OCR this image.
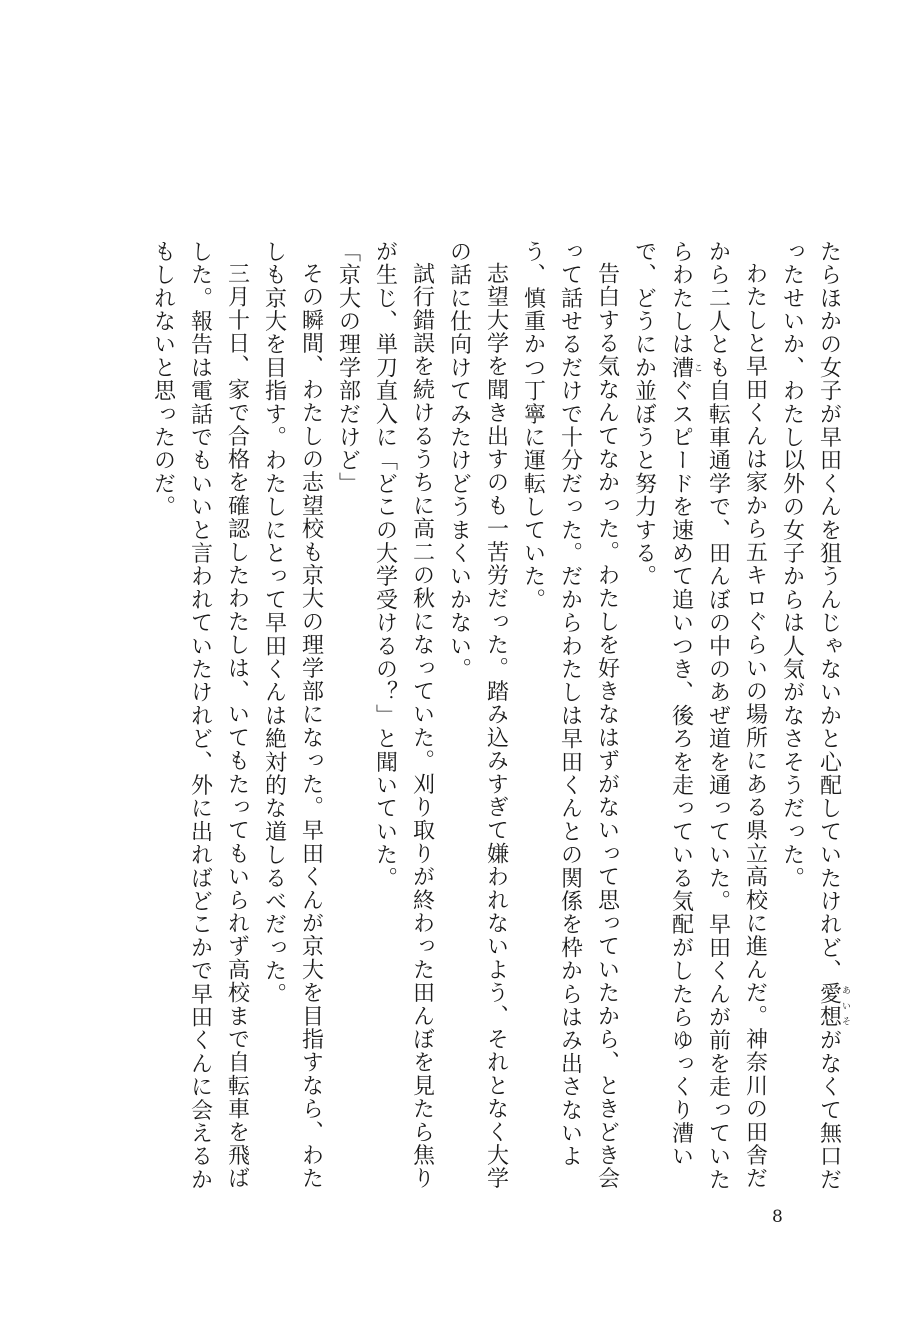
たらほかの女子が早田くんを狙うんじゃないかと心配していたけれど、愛想あいそがなくて無口だったせいか、わたし以外の女子からは人気がなさそうだった。

わたしと早田くんは家から五キロぐらいの場所にある県立高校に進んだ。神奈川の田舎だから二人とも自転車通学で、田んぼの中のあぜ道を通っていた。早田くんが前を走っていたらわたしは漕こぐスピードを速めて追いつき、後ろを走っている気配がしたらゆっくり漕いで、どうにか並ぼうと努力する。

告白する気なんてなかった。わたしを好きなはずがないって思っていたから、ときどき会って話せるだけで十分だった。だからわたしは早田くんとの関係を枠からはみ出さないよう、慎重かつ丁寧に運転していた。

志望大学を聞き出すのも一苦労だった。踏み込みすぎて嫌われないよう、それとなく大学の話に仕向けてみたけどうまくいかない。

試行錯誤を続けるうちに高二の秋になっていた。刈り取りが終わった田んぼを見たら焦りが生じ、単刀直入に「どこの大学受けるの？」と聞いていた。

「京大の理学部だけど」

その瞬間、わたしの志望校も京大の理学部になった。早田くんが京大を目指すなら、わたしも京大を目指す。わたしにとって早田くんは絶対的な道しるべだった。

三月十日、家で合格を確認したわたしは、いてもたってもいられず高校まで自転車を飛ばした。報告は電話でもいいと言われていたけれど、外に出ればどこかで早田くんに会えるかもしれないと思ったのだ。

8
